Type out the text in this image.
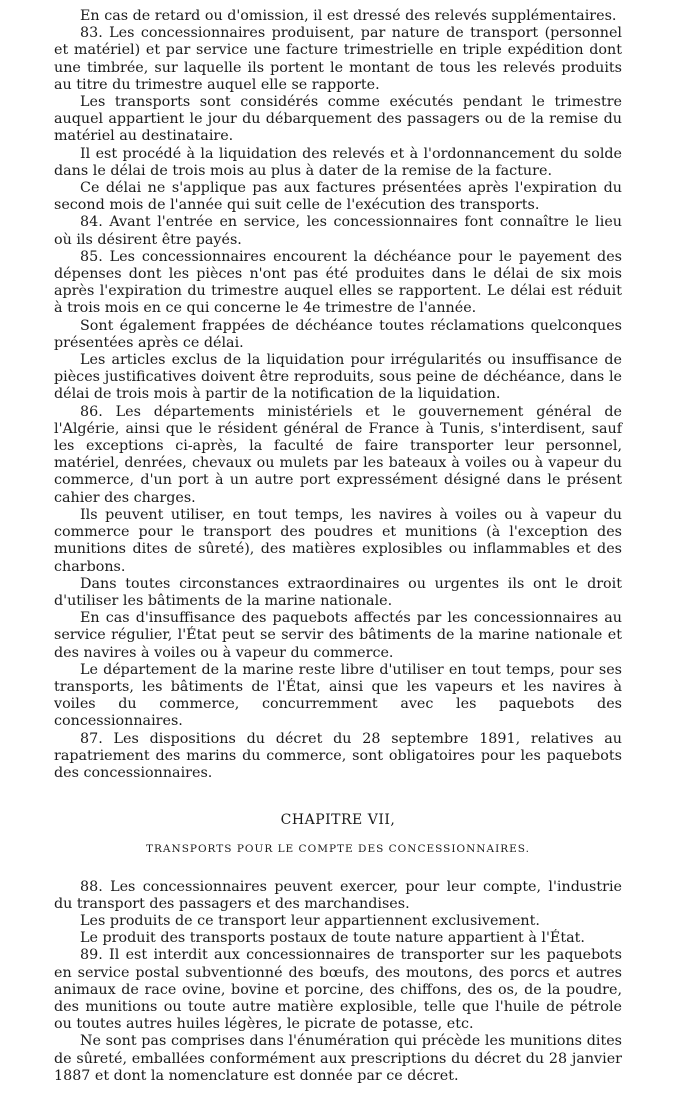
En cas de retard ou d'omission, il est dressé des relevés supplémentaires.

83. Les concessionnaires produisent, par nature de transport (personnel et matériel) et par service une facture trimestrielle en triple expédition dont une timbrée, sur laquelle ils portent le montant de tous les relevés produits au titre du trimestre auquel elle se rapporte.

Les transports sont considérés comme exécutés pendant le trimestre auquel appartient le jour du débarquement des passagers ou de la remise du matériel au destinataire.

Il est procédé à la liquidation des relevés et à l'ordonnancement du solde dans le délai de trois mois au plus à dater de la remise de la facture.

Ce délai ne s'applique pas aux factures présentées après l'expiration du second mois de l'année qui suit celle de l'exécution des transports.

84. Avant l'entrée en service, les concessionnaires font connaître le lieu où ils désirent être payés.

85. Les concessionnaires encourent la déchéance pour le payement des dépenses dont les pièces n'ont pas été produites dans le délai de six mois après l'expiration du trimestre auquel elles se rapportent. Le délai est réduit à trois mois en ce qui concerne le 4e trimestre de l'année.

Sont également frappées de déchéance toutes réclamations quelconques présentées après ce délai.

Les articles exclus de la liquidation pour irrégularités ou insuffisance de pièces justificatives doivent être reproduits, sous peine de déchéance, dans le délai de trois mois à partir de la notification de la liquidation.

86. Les départements ministériels et le gouvernement général de l'Algérie, ainsi que le résident général de France à Tunis, s'interdisent, sauf les exceptions ci-après, la faculté de faire transporter leur personnel, matériel, denrées, chevaux ou mulets par les bateaux à voiles ou à vapeur du commerce, d'un port à un autre port expressément désigné dans le présent cahier des charges.

Ils peuvent utiliser, en tout temps, les navires à voiles ou à vapeur du commerce pour le transport des poudres et munitions (à l'exception des munitions dites de sûreté), des matières explosibles ou inflammables et des charbons.

Dans toutes circonstances extraordinaires ou urgentes ils ont le droit d'utiliser les bâtiments de la marine nationale.

En cas d'insuffisance des paquebots affectés par les concessionnaires au service régulier, l'État peut se servir des bâtiments de la marine nationale et des navires à voiles ou à vapeur du commerce.

Le département de la marine reste libre d'utiliser en tout temps, pour ses transports, les bâtiments de l'État, ainsi que les vapeurs et les navires à voiles du commerce, concurremment avec les paquebots des concessionnaires.

87. Les dispositions du décret du 28 septembre 1891, relatives au rapatriement des marins du commerce, sont obligatoires pour les paquebots des concessionnaires.

CHAPITRE VII,
TRANSPORTS POUR LE COMPTE DES CONCESSIONNAIRES.

88. Les concessionnaires peuvent exercer, pour leur compte, l'industrie du transport des passagers et des marchandises.

Les produits de ce transport leur appartiennent exclusivement.

Le produit des transports postaux de toute nature appartient à l'État.

89. Il est interdit aux concessionnaires de transporter sur les paquebots en service postal subventionné des bœufs, des moutons, des porcs et autres animaux de race ovine, bovine et porcine, des chiffons, des os, de la poudre, des munitions ou toute autre matière explosible, telle que l'huile de pétrole ou toutes autres huiles légères, le picrate de potasse, etc.

Ne sont pas comprises dans l'énumération qui précède les munitions dites de sûreté, emballées conformément aux prescriptions du décret du 28 janvier 1887 et dont la nomenclature est donnée par ce décret.
